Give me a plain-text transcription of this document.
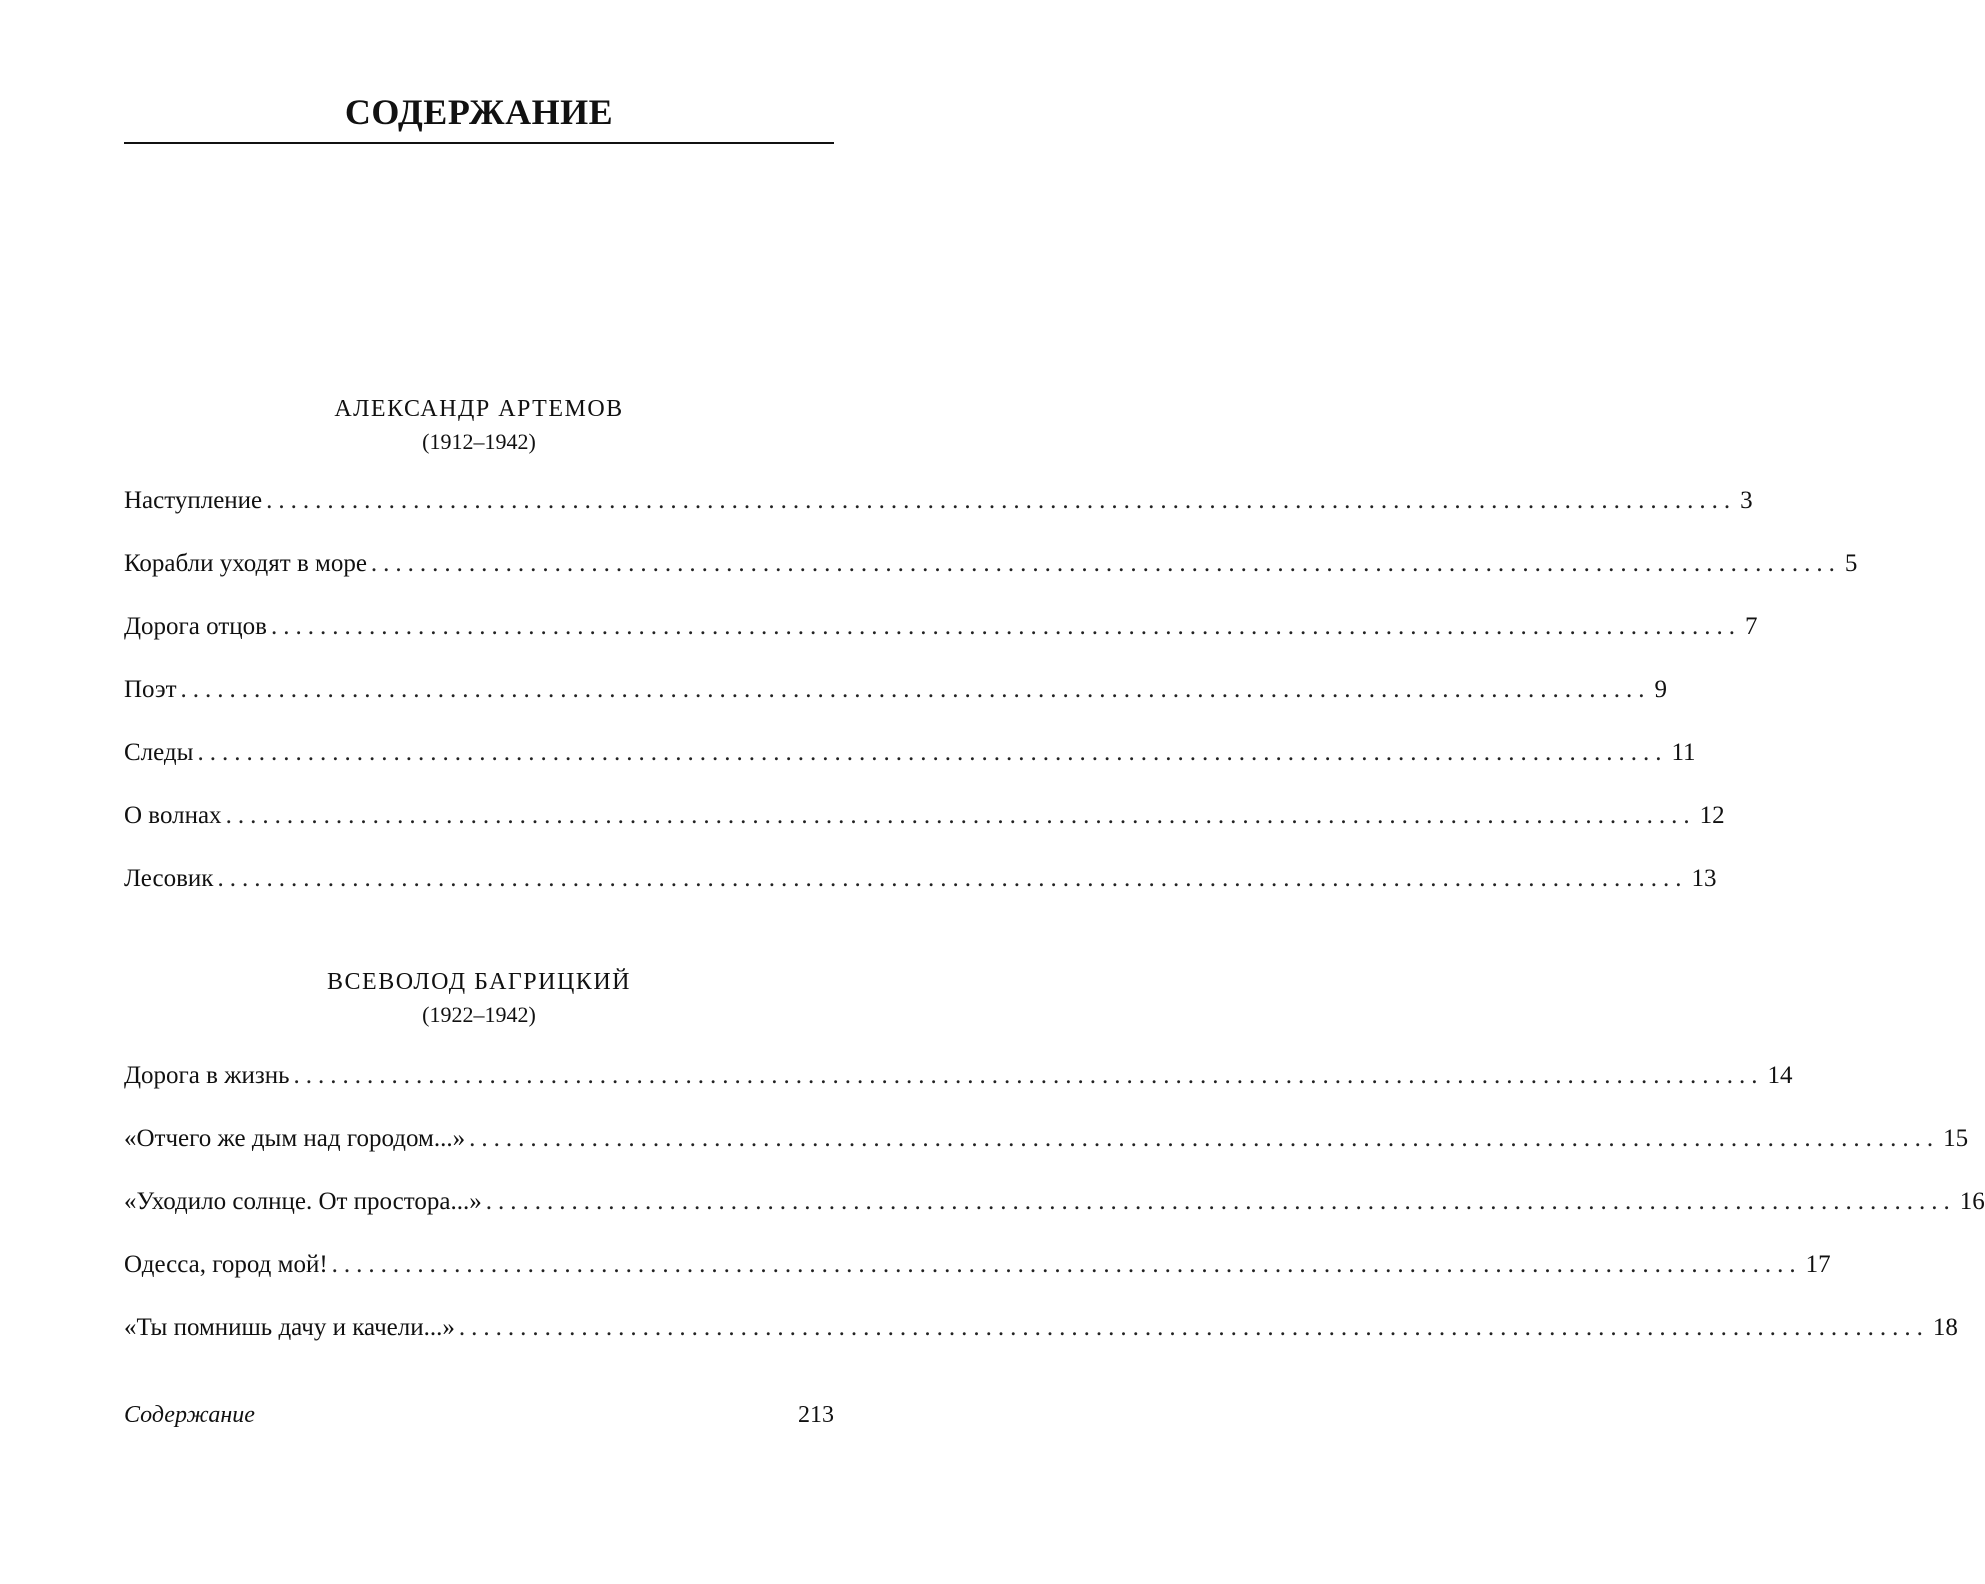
СОДЕРЖАНИЕ
АЛЕКСАНДР АРТЕМОВ
(1912–1942)
Наступление ........................................................................................................................ 3
Корабли уходят в море ........................................................................................................................ 5
Дорога отцов ........................................................................................................................ 7
Поэт ........................................................................................................................ 9
Следы ........................................................................................................................ 11
О волнах ........................................................................................................................ 12
Лесовик ........................................................................................................................ 13
ВСЕВОЛОД БАГРИЦКИЙ
(1922–1942)
Дорога в жизнь ........................................................................................................................ 14
«Отчего же дым над городом...» ........................................................................................................................ 15
«Уходило солнце. От простора...» ........................................................................................................................ 16
Одесса, город мой! ........................................................................................................................ 17
«Ты помнишь дачу и качели...» ........................................................................................................................ 18
Содержание	213
